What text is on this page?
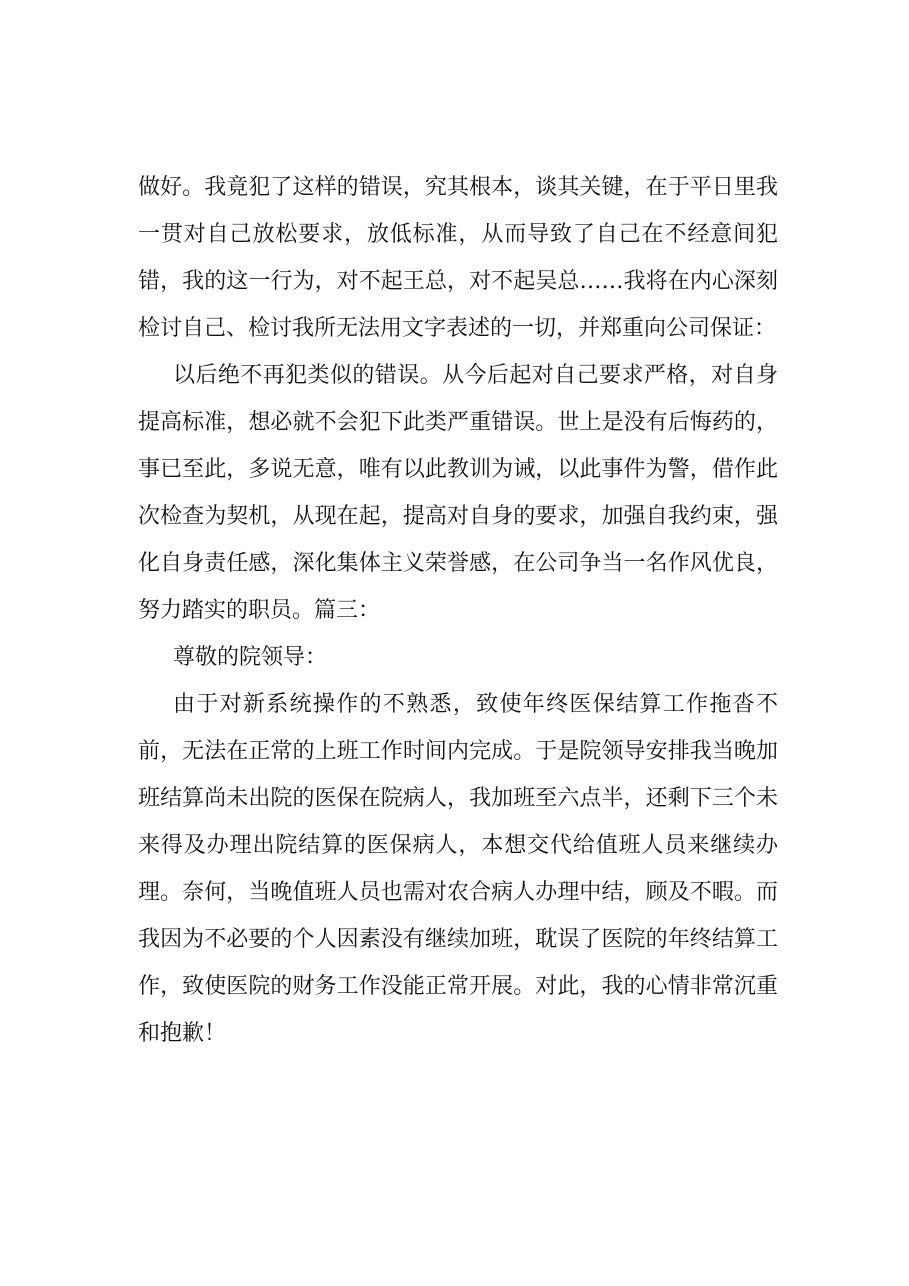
做好。我竟犯了这样的错误，究其根本，谈其关键，在于平日里我一贯对自己放松要求，放低标准，从而导致了自己在不经意间犯错，我的这一行为，对不起王总，对不起吴总……我将在内心深刻检讨自己、检讨我所无法用文字表述的一切，并郑重向公司保证：

以后绝不再犯类似的错误。从今后起对自己要求严格，对自身提高标准，想必就不会犯下此类严重错误。世上是没有后悔药的，事已至此，多说无意，唯有以此教训为诫，以此事件为警，借作此次检查为契机，从现在起，提高对自身的要求，加强自我约束，强化自身责任感，深化集体主义荣誉感，在公司争当一名作风优良，努力踏实的职员。篇三：

尊敬的院领导：

由于对新系统操作的不熟悉，致使年终医保结算工作拖沓不前，无法在正常的上班工作时间内完成。于是院领导安排我当晚加班结算尚未出院的医保在院病人，我加班至六点半，还剩下三个未来得及办理出院结算的医保病人，本想交代给值班人员来继续办理。奈何，当晚值班人员也需对农合病人办理中结，顾及不暇。而我因为不必要的个人因素没有继续加班，耽误了医院的年终结算工作，致使医院的财务工作没能正常开展。对此，我的心情非常沉重和抱歉！
